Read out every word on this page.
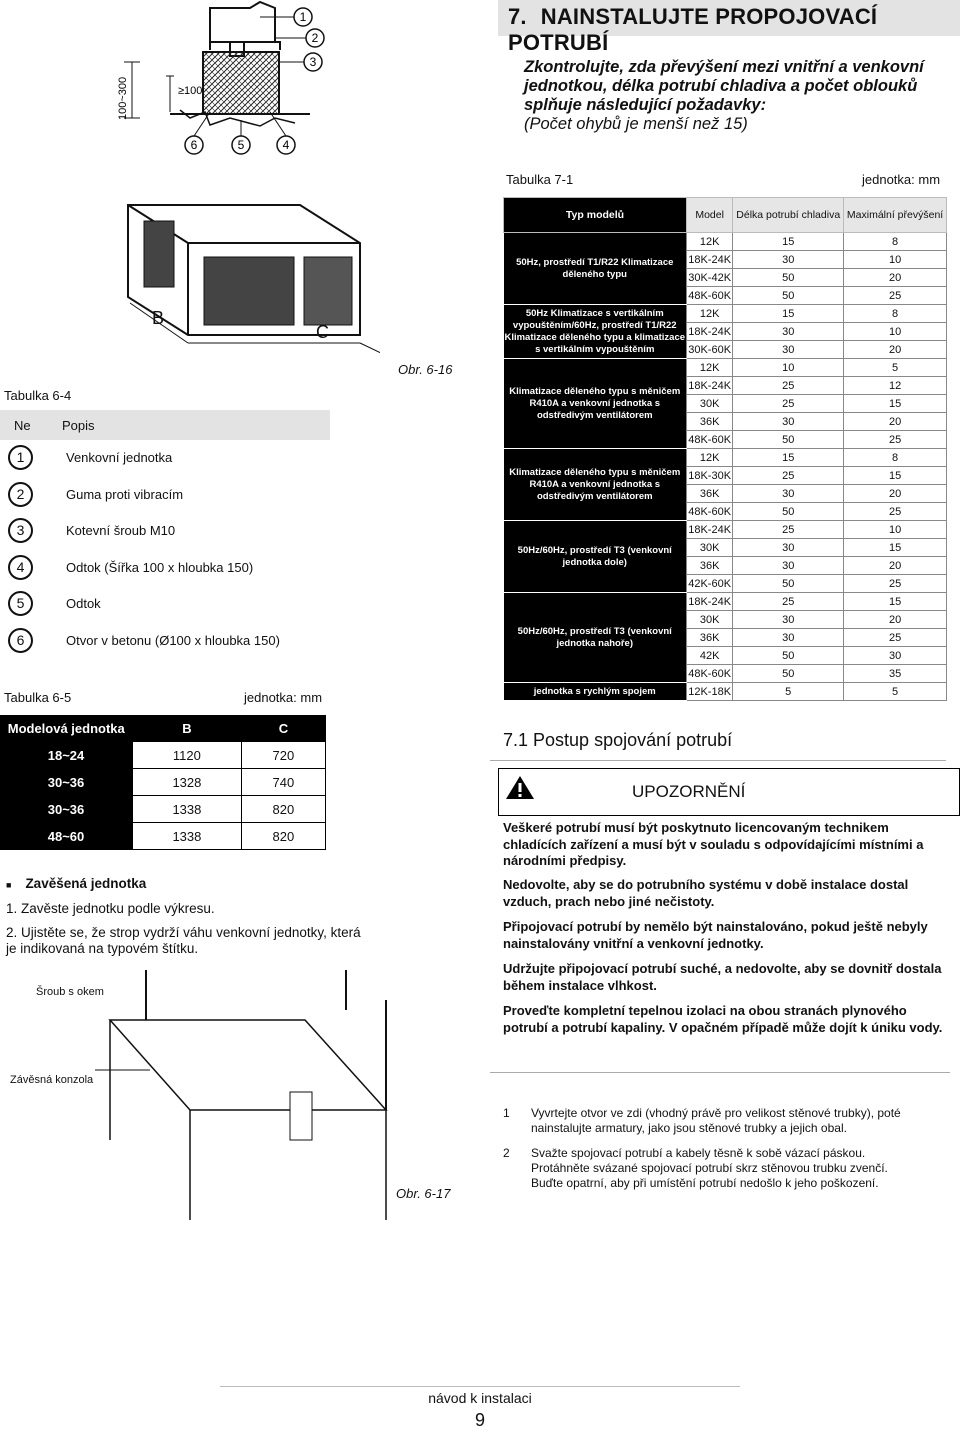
7. NAINSTALUJTE PROPOJOVACÍ POTRUBÍ
Zkontrolujte, zda převýšení mezi vnitřní a venkovní jednotkou, délka potrubí chladiva a počet oblouků splňuje následující požadavky:
(Počet ohybů je menší než 15)
100~300	≥100
1
2
3
6	5	4
B
C
Obr. 6-16
Tabulka 6-4
Ne	Popis
1	Venkovní jednotka
2	Guma proti vibracím
3	Kotevní šroub M10
4	Odtok (Šířka 100 x hloubka 150)
5	Odtok
6	Otvor v betonu (Ø100 x hloubka 150)
Tabulka 6-5	jednotka: mm
Modelová jednotka	B	C
18~24	1120	720
30~36	1328	740
30~36	1338	820
48~60	1338	820
■ Zavěšená jednotka
1. Zavěste jednotku podle výkresu.
2. Ujistěte se, že strop vydrží váhu venkovní jednotky, která je indikovaná na typovém štítku.
Šroub s okem
Závěsná konzola
Obr. 6-17
Tabulka 7-1	jednotka: mm
Typ modelů	Model	Délka potrubí chladiva	Maximální převýšení
50Hz, prostředí T1/R22 Klimatizace děleného typu	12K	15	8
	18K-24K	30	10
	30K-42K	50	20
	48K-60K	50	25
50Hz Klimatizace s vertikálním vypouštěním/60Hz, prostředí T1/R22 Klimatizace děleného typu a klimatizace s vertikálním vypouštěním	12K	15	8
	18K-24K	30	10
	30K-60K	30	20
Klimatizace děleného typu s měničem R410A a venkovní jednotka s odstředivým ventilátorem	12K	10	5
	18K-24K	25	12
	30K	25	15
	36K	30	20
	48K-60K	50	25
Klimatizace děleného typu s měničem R410A a venkovní jednotka s odstředivým ventilátorem	12K	15	8
	18K-30K	25	15
	36K	30	20
	48K-60K	50	25
50Hz/60Hz, prostředí T3 (venkovní jednotka dole)	18K-24K	25	10
	30K	30	15
	36K	30	20
	42K-60K	50	25
50Hz/60Hz, prostředí T3 (venkovní jednotka nahoře)	18K-24K	25	15
	30K	30	20
	36K	30	25
	42K	50	30
	48K-60K	50	35
jednotka s rychlým spojem	12K-18K	5	5
7.1 Postup spojování potrubí
UPOZORNĚNÍ
Veškeré potrubí musí být poskytnuto licencovaným technikem chladících zařízení a musí být v souladu s odpovídajícími místními a národními předpisy.
Nedovolte, aby se do potrubního systému v době instalace dostal vzduch, prach nebo jiné nečistoty.
Připojovací potrubí by nemělo být nainstalováno, pokud ještě nebyly nainstalovány vnitřní a venkovní jednotky.
Udržujte připojovací potrubí suché, a nedovolte, aby se dovnitř dostala během instalace vlhkost.
Proveďte kompletní tepelnou izolaci na obou stranách plynového potrubí a potrubí kapaliny. V opačném případě může dojít k úniku vody.
1 Vyvrtejte otvor ve zdi (vhodný právě pro velikost stěnové trubky), poté nainstalujte armatury, jako jsou stěnové trubky a jejich obal.
2 Svažte spojovací potrubí a kabely těsně k sobě vázací páskou. Protáhněte svázané spojovací potrubí skrz stěnovou trubku zvenčí. Buďte opatrní, aby při umístění potrubí nedošlo k jeho poškození.
návod k instalaci
9
